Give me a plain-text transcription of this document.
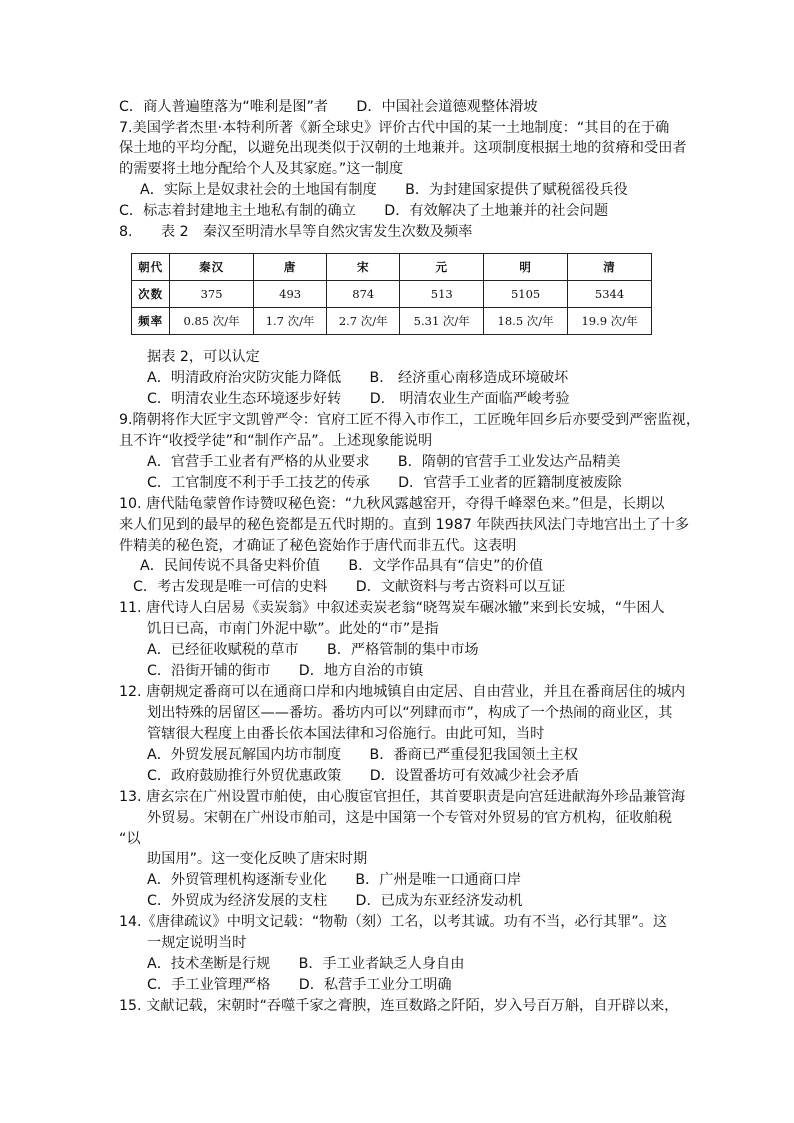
C．商人普遍堕落为“唯利是图”者　　D．中国社会道德观整体滑坡
7.美国学者杰里·本特利所著《新全球史》评价古代中国的某一土地制度：“其目的在于确
保土地的平均分配，以避免出现类似于汉朝的土地兼并。这项制度根据土地的贫瘠和受田者
的需要将土地分配给个人及其家庭。”这一制度
A．实际上是奴隶社会的土地国有制度　　B．为封建国家提供了赋税徭役兵役
C．标志着封建地主土地私有制的确立　　D．有效解决了土地兼并的社会问题
8.　　表 2　秦汉至明清水旱等自然灾害发生次数及频率
朝代	秦汉	唐	宋	元	明	清
次数	375	493	874	513	5105	5344
频率	0.85 次/年	1.7 次/年	2.7 次/年	5.31 次/年	18.5 次/年	19.9 次/年
据表 2，可以认定
A．明清政府治灾防灾能力降低　　B.　经济重心南移造成环境破坏
C．明清农业生态环境逐步好转　　D.　明清农业生产面临严峻考验
9.隋朝将作大匠宇文凯曾严令：官府工匠不得入市作工，工匠晚年回乡后亦要受到严密监视，
且不许“收授学徒”和“制作产品”。上述现象能说明
A．官营手工业者有严格的从业要求　　B．隋朝的官营手工业发达产品精美
C．工官制度不利于手工技艺的传承　　D．官营手工业者的匠籍制度被废除
10. 唐代陆龟蒙曾作诗赞叹秘色瓷：“九秋风露越窑开，夺得千峰翠色来。”但是，长期以
来人们见到的最早的秘色瓷都是五代时期的。直到 1987 年陕西扶风法门寺地宫出土了十多
件精美的秘色瓷，才确证了秘色瓷始作于唐代而非五代。这表明
A．民间传说不具备史料价值　　B．文学作品具有“信史”的价值
C．考古发现是唯一可信的史料　　D．文献资料与考古资料可以互证
11. 唐代诗人白居易《卖炭翁》中叙述卖炭老翁“晓驾炭车碾冰辙”来到长安城，“牛困人
饥日已高，市南门外泥中歇”。此处的“市”是指
A．已经征收赋税的草市　　B．严格管制的集中市场
C．沿街开铺的街市　　D．地方自治的市镇
12. 唐朝规定番商可以在通商口岸和内地城镇自由定居、自由营业，并且在番商居住的城内
划出特殊的居留区——番坊。番坊内可以“列肆而市”，构成了一个热闹的商业区，其
管辖很大程度上由番长依本国法律和习俗施行。由此可知，当时
A．外贸发展瓦解国内坊市制度　　B．番商已严重侵犯我国领土主权
C．政府鼓励推行外贸优惠政策　　D．设置番坊可有效减少社会矛盾
13. 唐玄宗在广州设置市舶使，由心腹宦官担任，其首要职责是向宫廷进献海外珍品兼管海
外贸易。宋朝在广州设市舶司，这是中国第一个专管对外贸易的官方机构，征收舶税
“以
助国用”。这一变化反映了唐宋时期
A．外贸管理机构逐渐专业化　　B．广州是唯一口通商口岸
C．外贸成为经济发展的支柱　　D．已成为东亚经济发动机
14.《唐律疏议》中明文记载：“物勒（刻）工名，以考其诚。功有不当，必行其罪”。这
一规定说明当时
A．技术垄断是行规　　B．手工业者缺乏人身自由
C．手工业管理严格　　D．私营手工业分工明确
15. 文献记载，宋朝时“吞噬千家之膏腴，连亘数路之阡陌，岁入号百万斛，自开辟以来，
